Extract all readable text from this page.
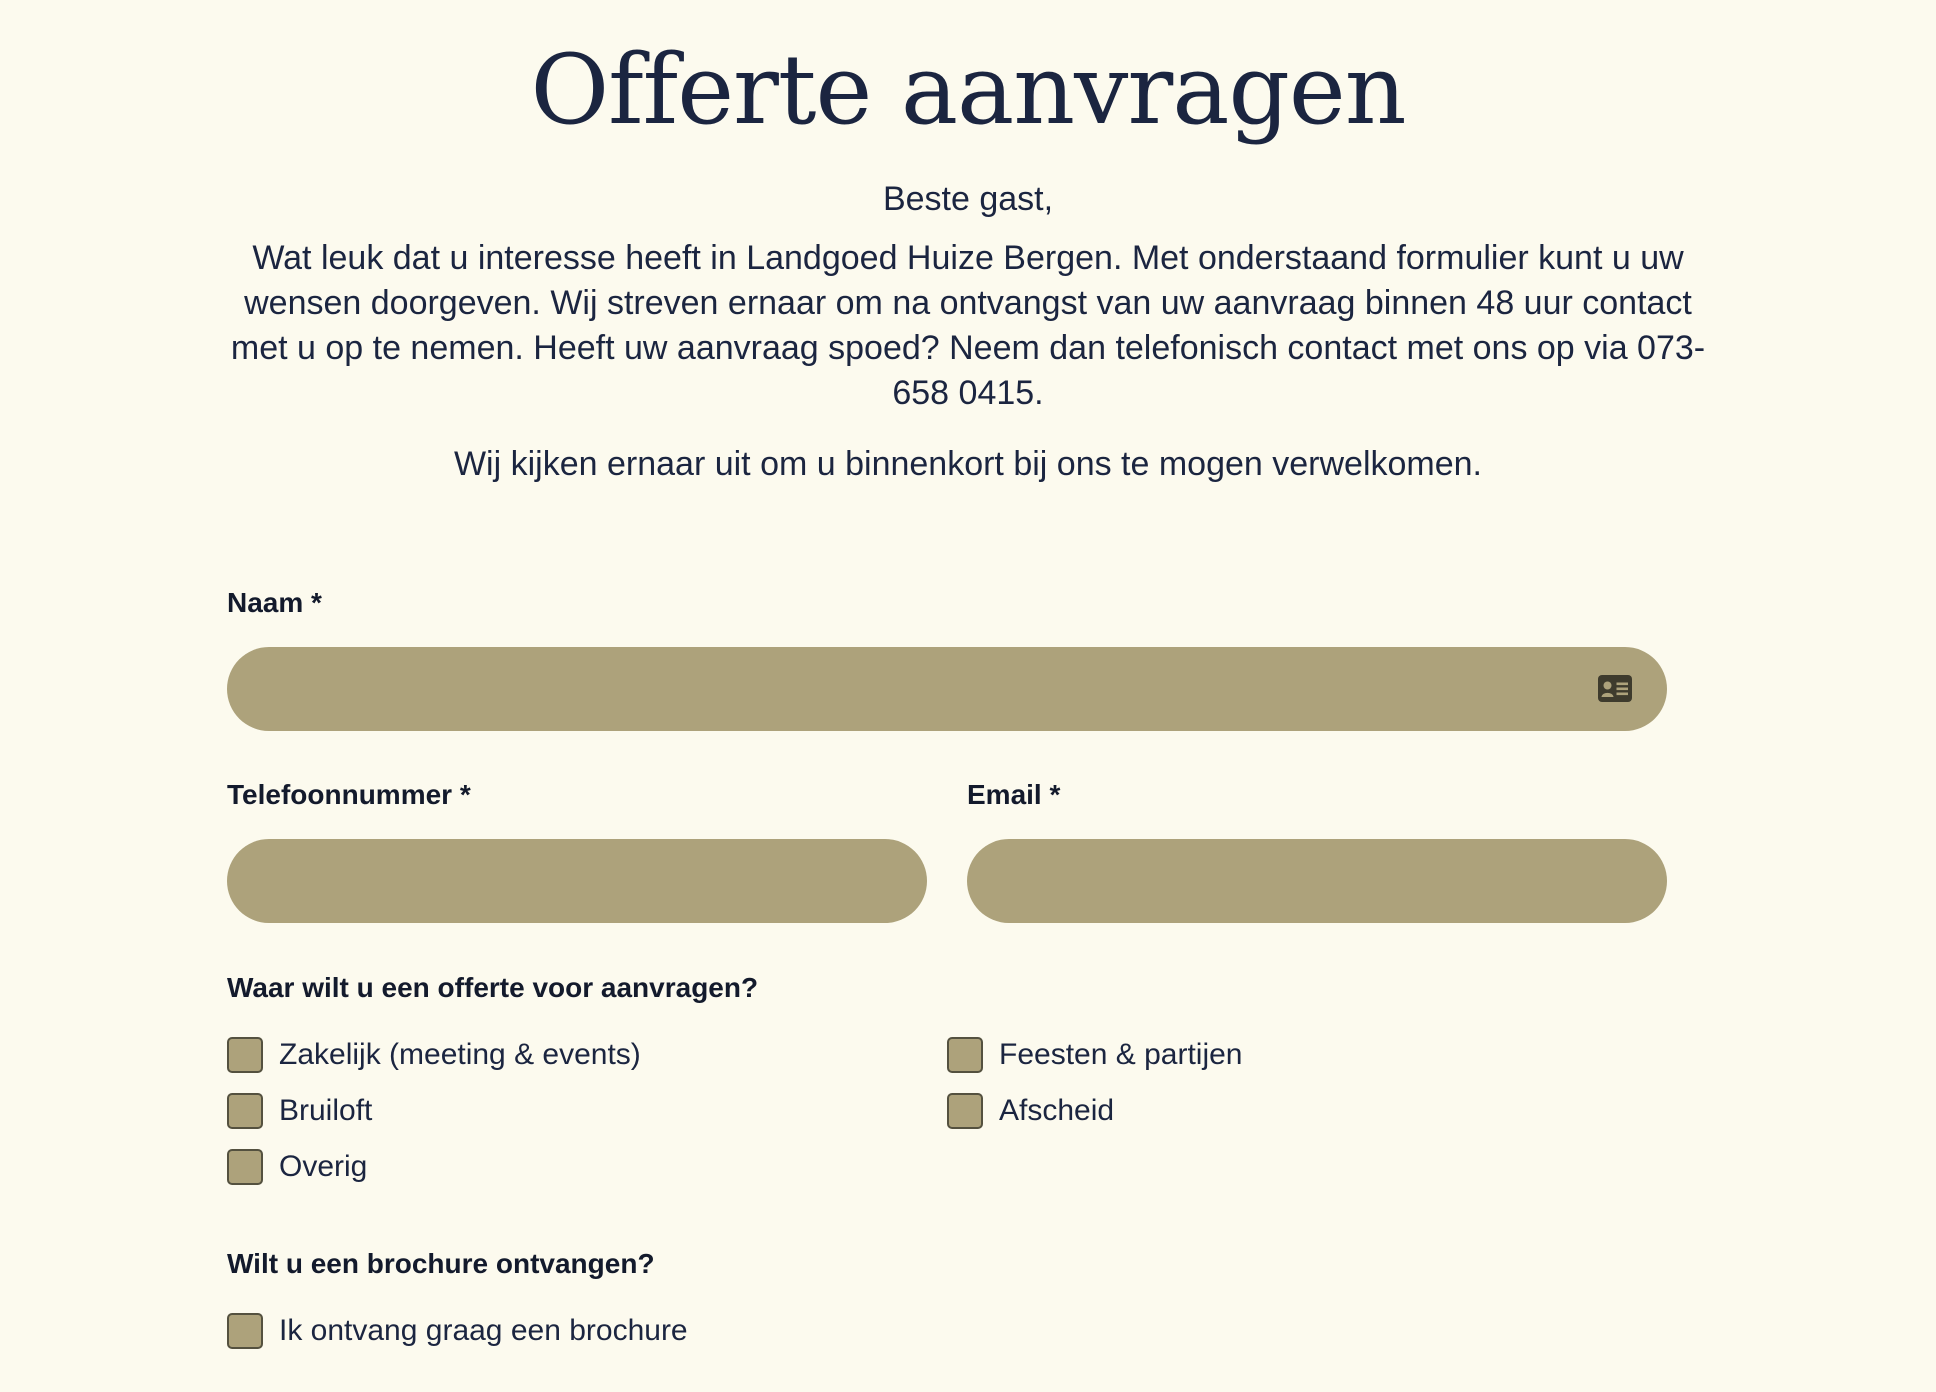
Offerte aanvragen

Beste gast,

Wat leuk dat u interesse heeft in Landgoed Huize Bergen. Met onderstaand formulier kunt u uw wensen doorgeven. Wij streven ernaar om na ontvangst van uw aanvraag binnen 48 uur contact met u op te nemen. Heeft uw aanvraag spoed? Neem dan telefonisch contact met ons op via 073- 658 0415.

Wij kijken ernaar uit om u binnenkort bij ons te mogen verwelkomen.

Naam *
Telefoonnummer *	Email *
Waar wilt u een offerte voor aanvragen?
Zakelijk (meeting & events)	Feesten & partijen
Bruiloft	Afscheid
Overig
Wilt u een brochure ontvangen?
Ik ontvang graag een brochure
